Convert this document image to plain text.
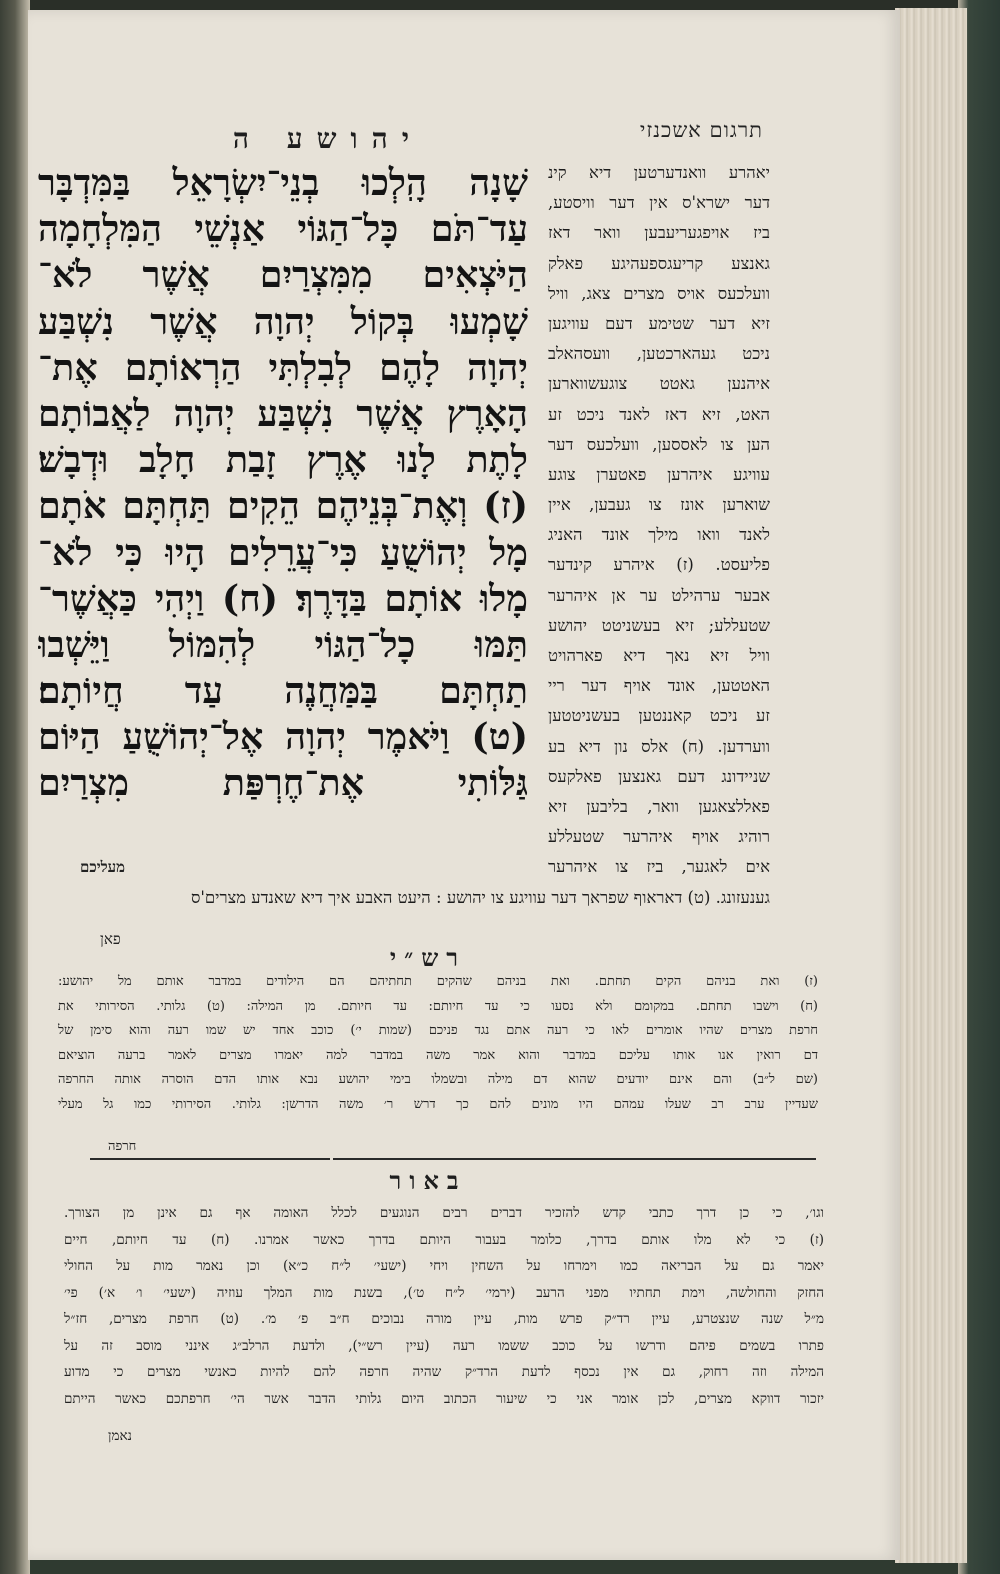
תרגום אשכנזי
יהושע ה
שָׁנָה הָֽלְכוּ בְנֵי־יִשְׂרָאֵל בַּמִּדְבָּר
עַד־תֹּם כָּל־הַגּוֹי אַנְשֵׁי הַמִּלְחָמָה
הַיֹּצְאִים מִמִּצְרַיִם אֲשֶׁר לֹא־
שָׁמְעוּ בְּקוֹל יְהוָה אֲשֶׁר נִשְׁבַּע
יְהוָה לָהֶם לְבִלְתִּי הַרְאוֹתָם אֶת־
הָאָרֶץ אֲשֶׁר נִשְׁבַּע יְהוָה לַאֲבוֹתָם
לָתֶת לָנוּ אֶרֶץ זָבַת חָלָב וּדְבָשׁ׃
(ז) וְאֶת־בְּנֵיהֶם הֵקִים תַּחְתָּם אֹתָם
מָל יְהוֹשֻׁעַ כִּי־עֲרֵלִים הָיוּ כִּי לֹא־
מָלוּ אוֹתָם בַּדָּרֶךְ׃ (ח) וַיְהִי כַּאֲשֶׁר־
תַּמּוּ כָל־הַגּוֹי לְהִמּוֹל וַיֵּשְׁבוּ
תַחְתָּם בַּמַּחֲנֶה עַד חֲיוֹתָם׃
(ט) וַיֹּאמֶר יְהוָה אֶל־יְהוֹשֻׁעַ הַיּוֹם
גַּלּוֹתִי אֶת־חֶרְפַּת מִצְרַיִם
יאהרע וואנדערטען דיא קינ
דער ישרא'ס אין דער וויסטע,
ביז אויפגעריעבען וואר דאז
גאנצע קריעגספעהיגע פאלק
וועלכעס אויס מצרים צאג, וויל
זיא דער שטימע דעם עוויגען
ניכט געהארכטען, וועסהאלב
איהנען גאטט צוגעשווארען
האט, זיא דאז לאנד ניכט זע
הען צו לאססען, וועלכעס דער
עוויגע איהרען פאטערן צוגע
שוארען אונז צו געבען, איין
לאנד וואו מילך אונד האניג
פליעסט. (ז) איהרע קינדער
אבער ערהילט ער אן איהרער
שטעללע; זיא בעשניטט יהושע
וויל זיא נאך דיא פארהויט
האטטען, אונד אויף דער ריי
זע ניכט קאננטען בעשניטטען
ווערדען. (ח) אלס נון דיא בע
שניידונג דעם גאנצען פאלקעס
פאללצאגען וואר, בליבען זיא
רוהיג אויף איהרער שטעללע
אים לאגער, ביז צו איהרער
מעליכם
גענעזונג. (ט) דאראוף שפראך דער עוויגע צו יהושע : היעט האבע איך דיא שאנדע מצרים'ס
פאן
רש״י
(ז) ואת בניהם הקים תחתם. ואת בניהם שהקים תחתיהם הם הילודים במדבר אותם מל יהושע:
(ח) וישבו תחתם. במקומם ולא נסעו כי עד חיותם: עד חיותם. מן המילה: (ט) גלותי. הסירותי את
חרפת מצרים שהיו אומרים לאו כי רעה אתם נגד פניכם (שמות י׳) כוכב אחד יש שמו רעה והוא סימן של
דם רואין אנו אותו עליכם במדבר והוא אמר משה במדבר למה יאמרו מצרים לאמר ברעה הוציאם
(שם ל״ב) והם אינם יודעים שהוא דם מילה ובשמלו בימי יהושע נבא אותו הדם הוסרה אותה החרפה
שעדיין ערב רב שעלו עמהם היו מונים להם כך דרש ר׳ משה הדרשן: גלותי. הסירותי כמו גל מעלי
חרפה
באור
וגו׳, כי כן דרך כתבי קדש להזכיר דברים רבים הנוגעים לכלל האומה אף גם אינן מן הצורך.
(ז) כי לא מלו אותם בדרך, כלומר בעבור היותם בדרך כאשר אמרנו. (ח) עד חיותם, חיים
יאמר גם על הבריאה כמו וימרחו על השחין ויחי (ישעי׳ ל״ח כ״א) וכן נאמר מות על החולי
החזק והחולשה, וימת תחתיו מפני הרעב (ירמי׳ ל״ח ט׳), בשנת מות המלך עוזיה (ישעי׳ ו׳ א׳) פי׳
מ״ל שנה שנצטרע, עיין רד״ק פרש מות, עיין מורה נבוכים ח״ב פ׳ מ׳. (ט) חרפת מצרים, חז״ל
פתרו בשמים פיהם ודרשו על כוכב ששמו רעה (עיין רש״י), ולדעת הרלב״ג אינני מוסב זה על
המילה וזה רחוק, גם אין נכסף לדעת הרד״ק שהיה חרפה להם להיות כאנשי מצרים כי מדוע
יזכור דווקא מצרים, לכן אומר אני כי שיעור הכתוב היום גלותי הדבר אשר הי׳ חרפתכם כאשר הייתם
נאמן
